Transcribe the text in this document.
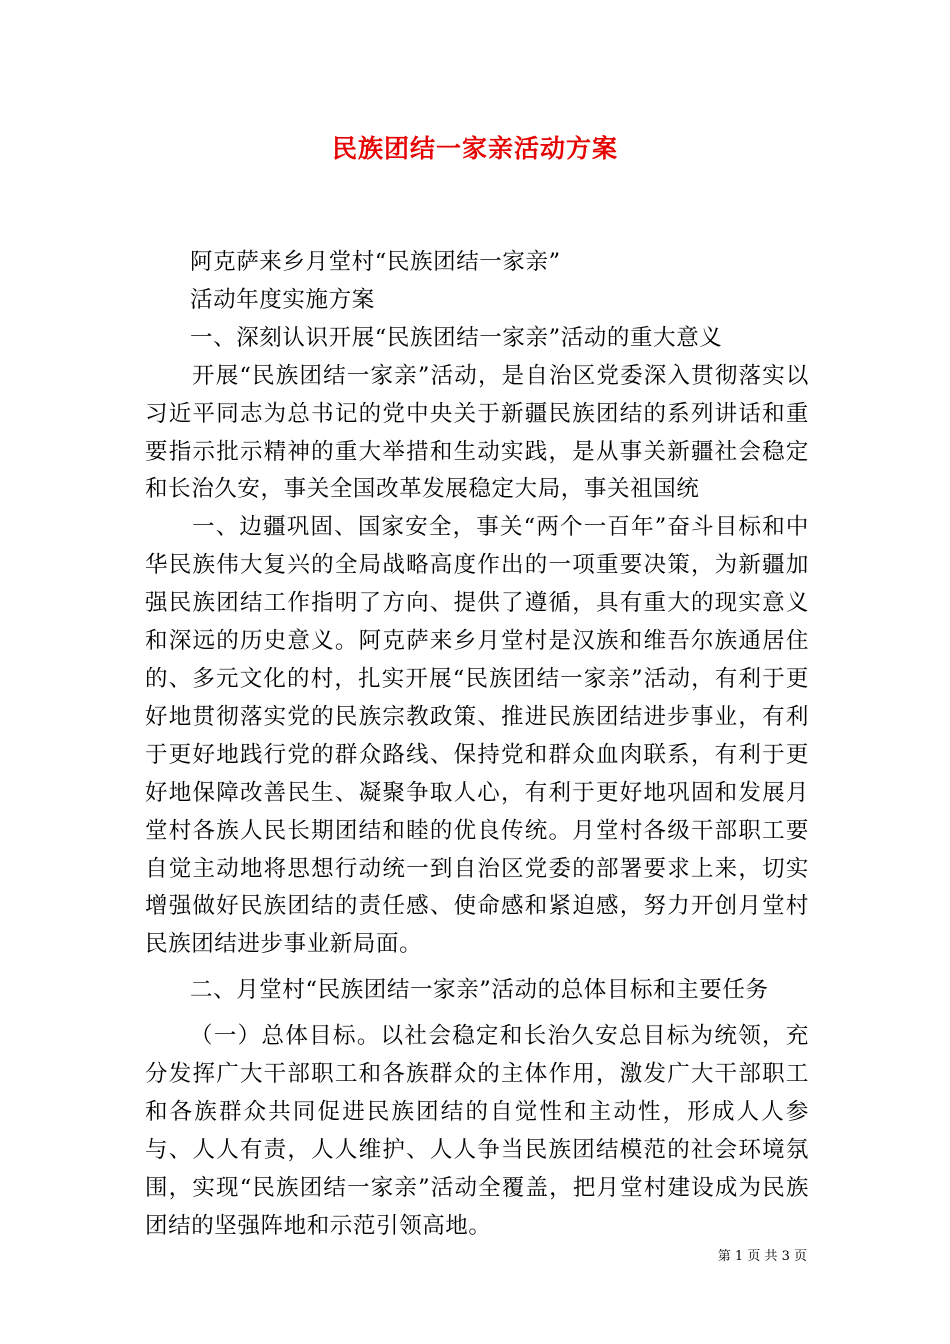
民族团结一家亲活动方案

阿克萨来乡月堂村“民族团结一家亲”

活动年度实施方案

一、深刻认识开展“民族团结一家亲”活动的重大意义

开展“民族团结一家亲”活动，是自治区党委深入贯彻落实以习近平同志为总书记的党中央关于新疆民族团结的系列讲话和重要指示批示精神的重大举措和生动实践，是从事关新疆社会稳定和长治久安，事关全国改革发展稳定大局，事关祖国统

一、边疆巩固、国家安全，事关“两个一百年”奋斗目标和中华民族伟大复兴的全局战略高度作出的一项重要决策，为新疆加强民族团结工作指明了方向、提供了遵循，具有重大的现实意义和深远的历史意义。阿克萨来乡月堂村是汉族和维吾尔族通居住的、多元文化的村，扎实开展“民族团结一家亲”活动，有利于更好地贯彻落实党的民族宗教政策、推进民族团结进步事业，有利于更好地践行党的群众路线、保持党和群众血肉联系，有利于更好地保障改善民生、凝聚争取人心，有利于更好地巩固和发展月堂村各族人民长期团结和睦的优良传统。月堂村各级干部职工要自觉主动地将思想行动统一到自治区党委的部署要求上来，切实增强做好民族团结的责任感、使命感和紧迫感，努力开创月堂村民族团结进步事业新局面。

二、月堂村“民族团结一家亲”活动的总体目标和主要任务

（一）总体目标。以社会稳定和长治久安总目标为统领，充分发挥广大干部职工和各族群众的主体作用，激发广大干部职工和各族群众共同促进民族团结的自觉性和主动性，形成人人参与、人人有责，人人维护、人人争当民族团结模范的社会环境氛围，实现“民族团结一家亲”活动全覆盖，把月堂村建设成为民族团结的坚强阵地和示范引领高地。

第 1 页 共 3 页
